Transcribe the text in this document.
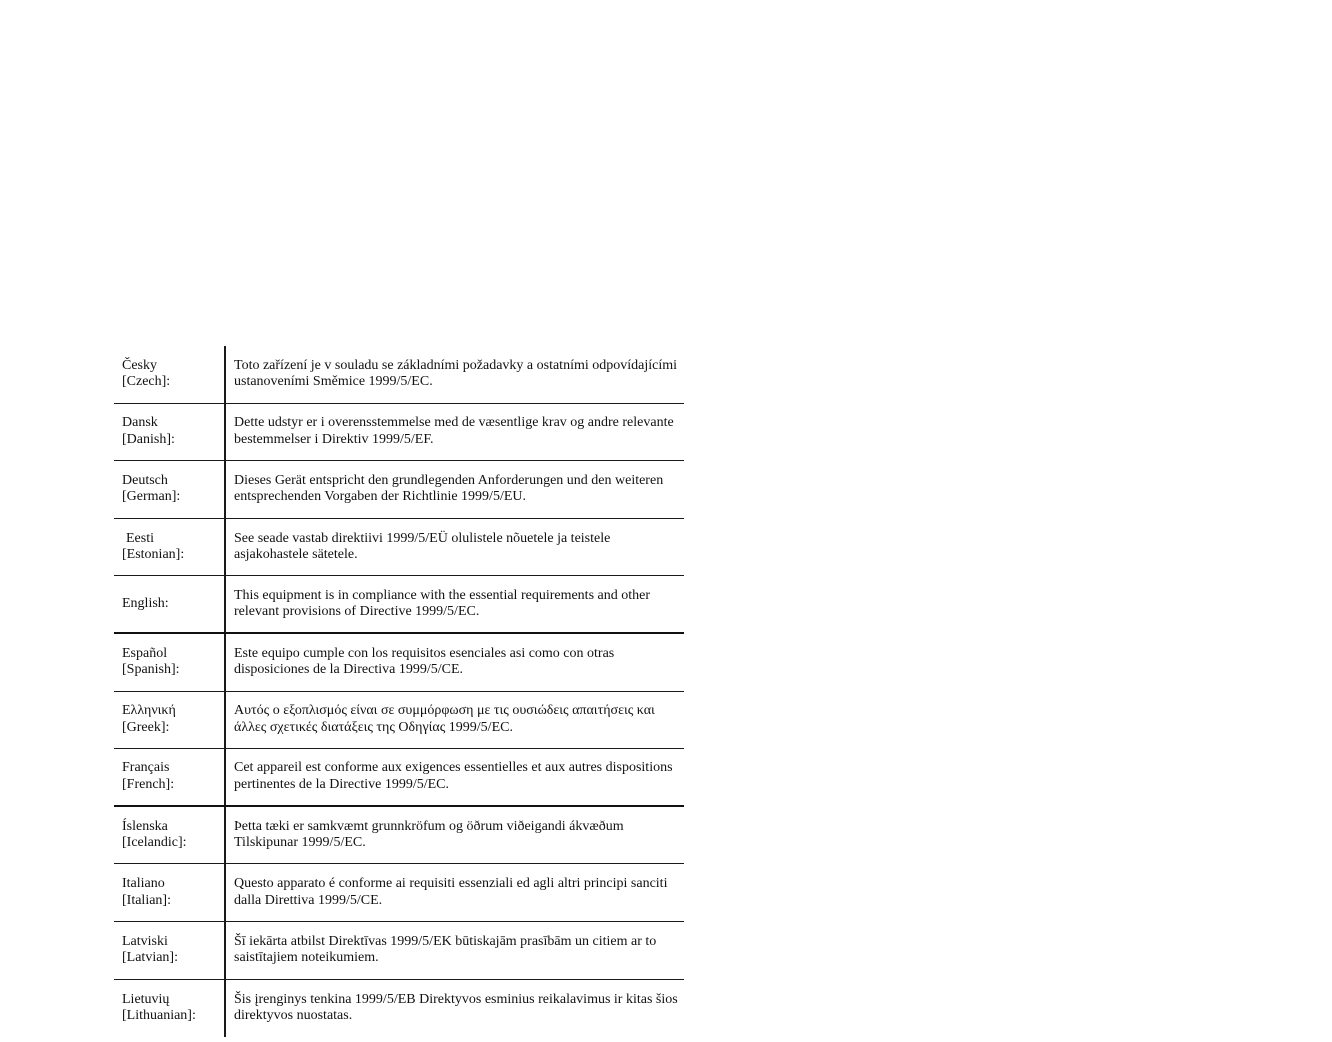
Česky
[Czech]:
Toto zařízení je v souladu se základními požadavky a ostatními odpovídajícími ustanoveními Směmice 1999/5/EC.
Dansk
[Danish]:
Dette udstyr er i overensstemmelse med de væsentlige krav og andre relevante bestemmelser i Direktiv 1999/5/EF.
Deutsch
[German]:
Dieses Gerät entspricht den grundlegenden Anforderungen und den weiteren entsprechenden Vorgaben der Richtlinie 1999/5/EU.
Eesti
[Estonian]:
See seade vastab direktiivi 1999/5/EÜ olulistele nõuetele ja teistele asjakohastele sätetele.
English:
This equipment is in compliance with the essential requirements and other relevant provisions of Directive 1999/5/EC.
Español
[Spanish]:
Este equipo cumple con los requisitos esenciales asi como con otras disposiciones de la Directiva 1999/5/CE.
Ελληνική
[Greek]:
Αυτός ο εξοπλισμός είναι σε συμμόρφωση με τις ουσιώδεις απαιτήσεις και άλλες σχετικές διατάξεις της Οδηγίας 1999/5/EC.
Français
[French]:
Cet appareil est conforme aux exigences essentielles et aux autres dispositions pertinentes de la Directive 1999/5/EC.
Íslenska
[Icelandic]:
Þetta tæki er samkvæmt grunnkröfum og öðrum viðeigandi ákvæðum Tilskipunar 1999/5/EC.
Italiano
[Italian]:
Questo apparato é conforme ai requisiti essenziali ed agli altri principi sanciti dalla Direttiva 1999/5/CE.
Latviski
[Latvian]:
Šī iekārta atbilst Direktīvas 1999/5/EK būtiskajām prasībām un citiem ar to saistītajiem noteikumiem.
Lietuvių
[Lithuanian]:
Šis įrenginys tenkina 1999/5/EB Direktyvos esminius reikalavimus ir kitas šios direktyvos nuostatas.
